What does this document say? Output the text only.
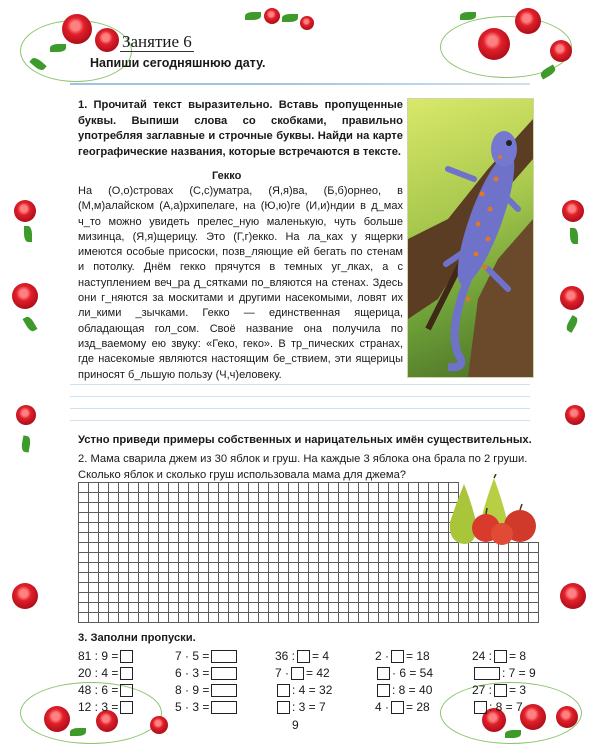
Занятие 6
Напиши сегодняшнюю дату.
1. Прочитай текст выразительно. Вставь пропущенные буквы. Выпиши слова со скобками, правильно употребляя заглавные и строчные буквы. Найди на карте географические названия, которые встречаются в тексте.
Гекко
На (О,о)стровах (С,с)уматра, (Я,я)ва, (Б,б)орнео, в (М,м)алайском (А,а)рхипелаге, на (Ю,ю)ге (И,и)ндии в д_мах ч_то можно увидеть прелес_ную маленькую, чуть больше мизинца, (Я,я)щерицу. Это (Г,г)екко. На ла_ках у ящерки имеются особые присоски, позв_ляющие ей бегать по стенам и потолку. Днём гекко прячутся в темных уг_лках, а с наступлением веч_ра д_сятками по_вляются на стенах. Здесь они г_няются за москитами и другими насекомыми, ловят их ли_кими _зычками. Гекко — единственная ящерица, обладающая гол_сом. Своё название она получила по изд_ваемому ею звуку: «Геко, геко». В тр_пических странах, где насекомые являются настоящим бе_ствием, эти ящерицы приносят б_льшую пользу (Ч,ч)еловеку.
Устно приведи примеры собственных и нарицательных имён существительных.
2. Мама сварила джем из 30 яблок и груш. На каждые 3 яблока она брала по 2 груши. Сколько яблок и сколько груш использовала мама для джема?
3. Заполни пропуски.
81 : 9 =
20 : 4 =
48 : 6 =
12 : 3 =
7 · 5 =
6 · 3 =
8 · 9 =
5 · 3 =
36 : = 4
7 · = 42
: 4 = 32
: 3 = 7
2 · = 18
· 6 = 54
: 8 = 40
4 · = 28
24 : = 8
: 7 = 9
27 : = 3
: 8 = 7
9
